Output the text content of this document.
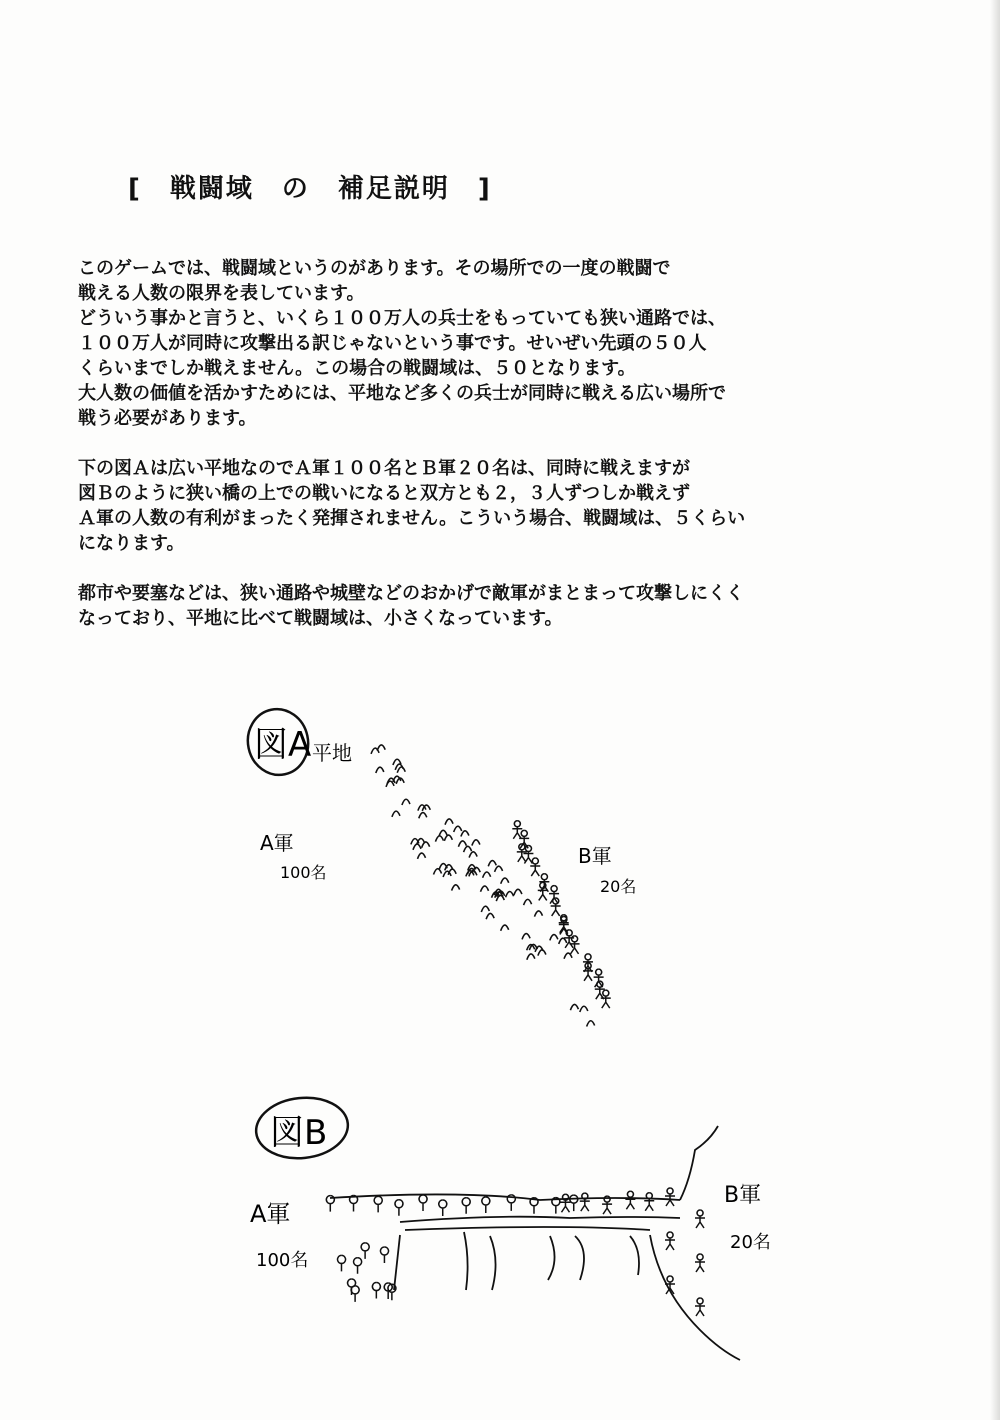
[　戦闘域　の　補足説明　]
このゲームでは、戦闘域というのがあります。その場所での一度の戦闘で
戦える人数の限界を表しています。
どういう事かと言うと、いくら１００万人の兵士をもっていても狭い通路では、
１００万人が同時に攻撃出る訳じゃないという事です。せいぜい先頭の５０人
くらいまでしか戦えません。この場合の戦闘域は、５０となります。
大人数の価値を活かすためには、平地など多くの兵士が同時に戦える広い場所で
戦う必要があります。
下の図Ａは広い平地なのでＡ軍１００名とＢ軍２０名は、同時に戦えますが
図Ｂのように狭い橋の上での戦いになると双方とも２，３人ずつしか戦えず
Ａ軍の人数の有利がまったく発揮されません。こういう場合、戦闘域は、５くらい
になります。
都市や要塞などは、狭い通路や城壁などのおかげで敵軍がまとまって攻撃しにくく
なっており、平地に比べて戦闘域は、小さくなっています。
図A 平地
A軍
100名
B軍
20名
図B
A軍
100名
B軍
20名
